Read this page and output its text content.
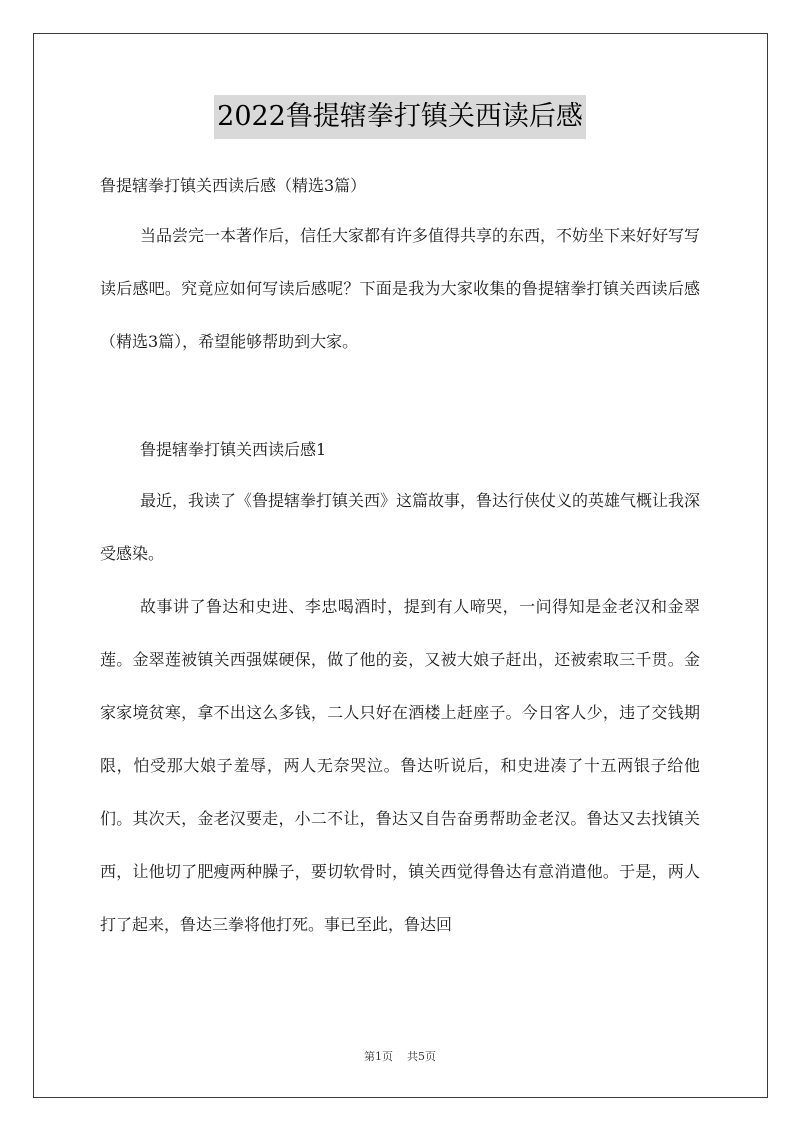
2022鲁提辖拳打镇关西读后感
鲁提辖拳打镇关西读后感（精选3篇）

当品尝完一本著作后，信任大家都有许多值得共享的东西，不妨坐下来好好写写读后感吧。究竟应如何写读后感呢？下面是我为大家收集的鲁提辖拳打镇关西读后感（精选3篇），希望能够帮助到大家。

鲁提辖拳打镇关西读后感1

最近，我读了《鲁提辖拳打镇关西》这篇故事，鲁达行侠仗义的英雄气概让我深受感染。

故事讲了鲁达和史进、李忠喝酒时，提到有人啼哭，一问得知是金老汉和金翠莲。金翠莲被镇关西强媒硬保，做了他的妾，又被大娘子赶出，还被索取三千贯。金家家境贫寒，拿不出这么多钱，二人只好在酒楼上赶座子。今日客人少，违了交钱期限，怕受那大娘子羞辱，两人无奈哭泣。鲁达听说后，和史进凑了十五两银子给他们。其次天，金老汉要走，小二不让，鲁达又自告奋勇帮助金老汉。鲁达又去找镇关西，让他切了肥瘦两种臊子，要切软骨时，镇关西觉得鲁达有意消遣他。于是，两人打了起来，鲁达三拳将他打死。事已至此，鲁达回

第1页    共5页
